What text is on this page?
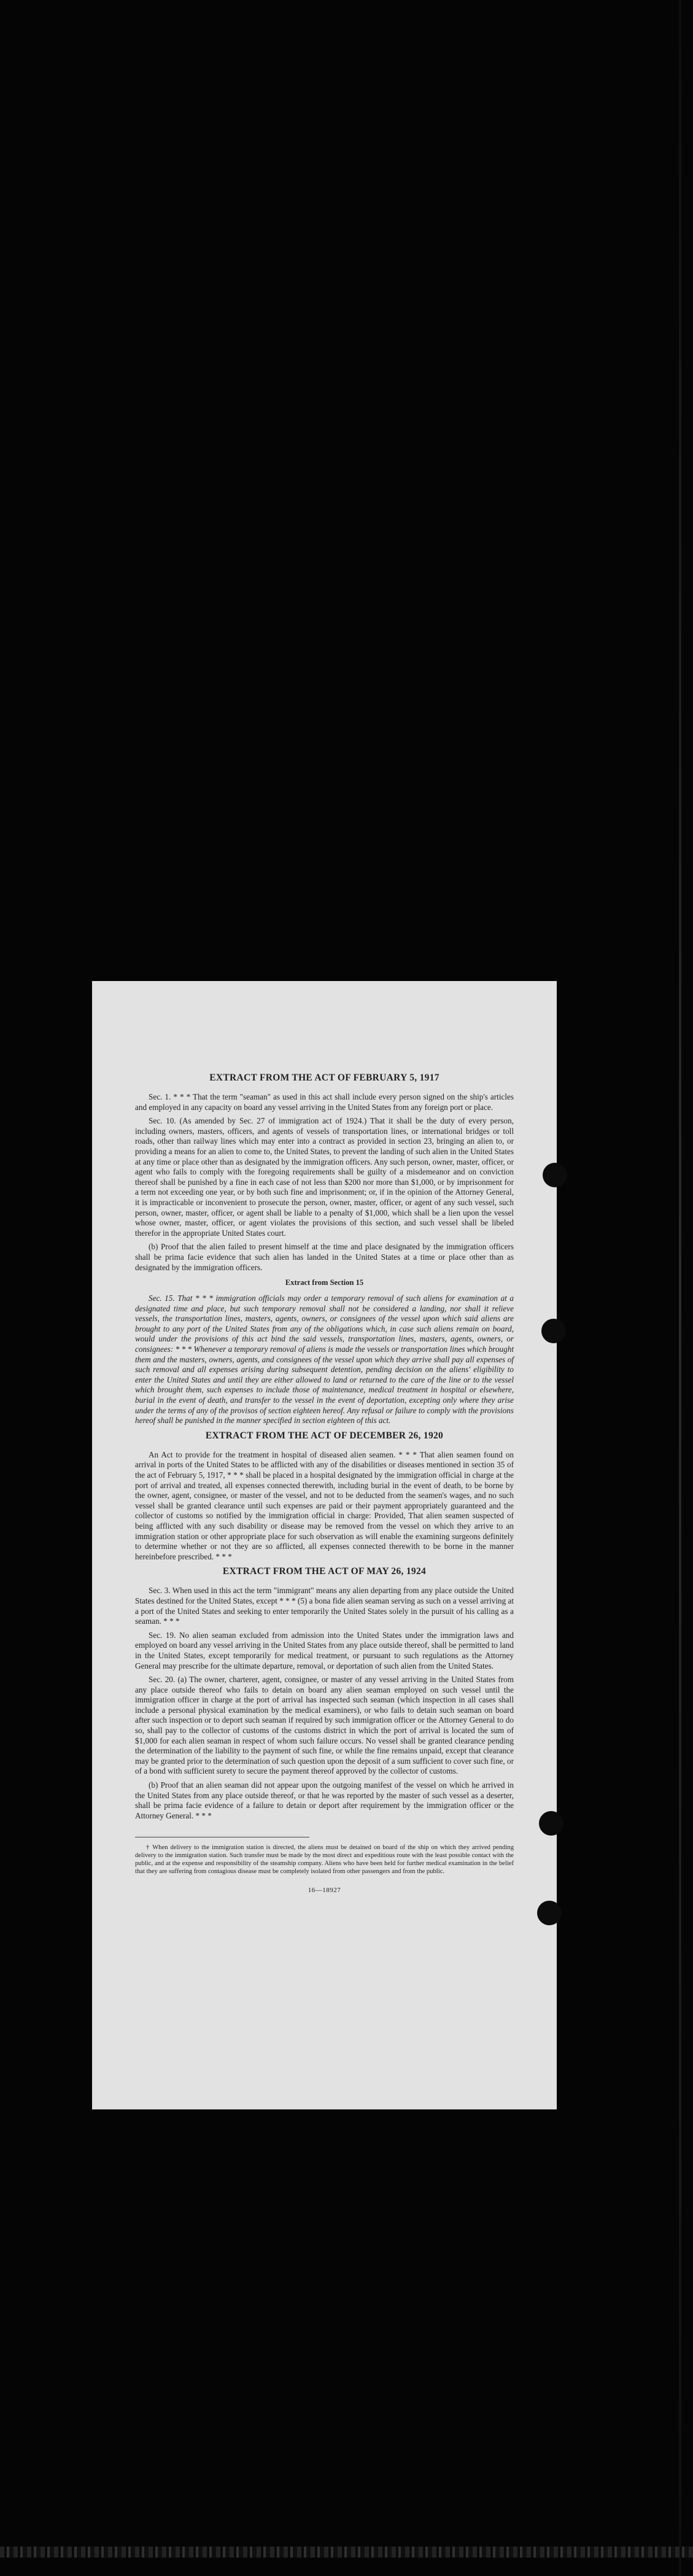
EXTRACT FROM THE ACT OF FEBRUARY 5, 1917

Sec. 1. * * * That the term "seaman" as used in this act shall include every person signed on the ship's articles and employed in any capacity on board any vessel arriving in the United States from any foreign port or place.

Sec. 10. (As amended by Sec. 27 of immigration act of 1924.) That it shall be the duty of every person, including owners, masters, officers, and agents of vessels of transportation lines, or international bridges or toll roads, other than railway lines which may enter into a contract as provided in section 23, bringing an alien to, or providing a means for an alien to come to, the United States, to prevent the landing of such alien in the United States at any time or place other than as designated by the immigration officers. Any such person, owner, master, officer, or agent who fails to comply with the foregoing requirements shall be guilty of a misdemeanor and on conviction thereof shall be punished by a fine in each case of not less than $200 nor more than $1,000, or by imprisonment for a term not exceeding one year, or by both such fine and imprisonment; or, if in the opinion of the Attorney General, it is impracticable or inconvenient to prosecute the person, owner, master, officer, or agent of any such vessel, such person, owner, master, officer, or agent shall be liable to a penalty of $1,000, which shall be a lien upon the vessel whose owner, master, officer, or agent violates the provisions of this section, and such vessel shall be libeled therefor in the appropriate United States court.

(b) Proof that the alien failed to present himself at the time and place designated by the immigration officers shall be prima facie evidence that such alien has landed in the United States at a time or place other than as designated by the immigration officers.

Extract from Section 15

Sec. 15. That * * * immigration officials may order a temporary removal of such aliens for examination at a designated time and place, but such temporary removal shall not be considered a landing, nor shall it relieve vessels, the transportation lines, masters, agents, owners, or consignees of the vessel upon which said aliens are brought to any port of the United States from any of the obligations which, in case such aliens remain on board, would under the provisions of this act bind the said vessels, transportation lines, masters, agents, owners, or consignees: * * * Whenever a temporary removal of aliens is made the vessels or transportation lines which brought them and the masters, owners, agents, and consignees of the vessel upon which they arrive shall pay all expenses of such removal and all expenses arising during subsequent detention, pending decision on the aliens' eligibility to enter the United States and until they are either allowed to land or returned to the care of the line or to the vessel which brought them, such expenses to include those of maintenance, medical treatment in hospital or elsewhere, burial in the event of death, and transfer to the vessel in the event of deportation, excepting only where they arise under the terms of any of the provisos of section eighteen hereof. Any refusal or failure to comply with the provisions hereof shall be punished in the manner specified in section eighteen of this act.

EXTRACT FROM THE ACT OF DECEMBER 26, 1920

An Act to provide for the treatment in hospital of diseased alien seamen. * * * That alien seamen found on arrival in ports of the United States to be afflicted with any of the disabilities or diseases mentioned in section 35 of the act of February 5, 1917, * * * shall be placed in a hospital designated by the immigration official in charge at the port of arrival and treated, all expenses connected therewith, including burial in the event of death, to be borne by the owner, agent, consignee, or master of the vessel, and not to be deducted from the seamen's wages, and no such vessel shall be granted clearance until such expenses are paid or their payment appropriately guaranteed and the collector of customs so notified by the immigration official in charge: Provided, That alien seamen suspected of being afflicted with any such disability or disease may be removed from the vessel on which they arrive to an immigration station or other appropriate place for such observation as will enable the examining surgeons definitely to determine whether or not they are so afflicted, all expenses connected therewith to be borne in the manner hereinbefore prescribed. * * *

EXTRACT FROM THE ACT OF MAY 26, 1924

Sec. 3. When used in this act the term "immigrant" means any alien departing from any place outside the United States destined for the United States, except * * * (5) a bona fide alien seaman serving as such on a vessel arriving at a port of the United States and seeking to enter temporarily the United States solely in the pursuit of his calling as a seaman. * * *

Sec. 19. No alien seaman excluded from admission into the United States under the immigration laws and employed on board any vessel arriving in the United States from any place outside thereof, shall be permitted to land in the United States, except temporarily for medical treatment, or pursuant to such regulations as the Attorney General may prescribe for the ultimate departure, removal, or deportation of such alien from the United States.

Sec. 20. (a) The owner, charterer, agent, consignee, or master of any vessel arriving in the United States from any place outside thereof who fails to detain on board any alien seaman employed on such vessel until the immigration officer in charge at the port of arrival has inspected such seaman (which inspection in all cases shall include a personal physical examination by the medical examiners), or who fails to detain such seaman on board after such inspection or to deport such seaman if required by such immigration officer or the Attorney General to do so, shall pay to the collector of customs of the customs district in which the port of arrival is located the sum of $1,000 for each alien seaman in respect of whom such failure occurs. No vessel shall be granted clearance pending the determination of the liability to the payment of such fine, or while the fine remains unpaid, except that clearance may be granted prior to the determination of such question upon the deposit of a sum sufficient to cover such fine, or of a bond with sufficient surety to secure the payment thereof approved by the collector of customs.

(b) Proof that an alien seaman did not appear upon the outgoing manifest of the vessel on which he arrived in the United States from any place outside thereof, or that he was reported by the master of such vessel as a deserter, shall be prima facie evidence of a failure to detain or deport after requirement by the immigration officer or the Attorney General. * * *

† When delivery to the immigration station is directed, the aliens must be detained on board of the ship on which they arrived pending delivery to the immigration station. Such transfer must be made by the most direct and expeditious route with the least possible contact with the public, and at the expense and responsibility of the steamship company. Aliens who have been held for further medical examination in the belief that they are suffering from contagious disease must be completely isolated from other passengers and from the public.

16—18927
